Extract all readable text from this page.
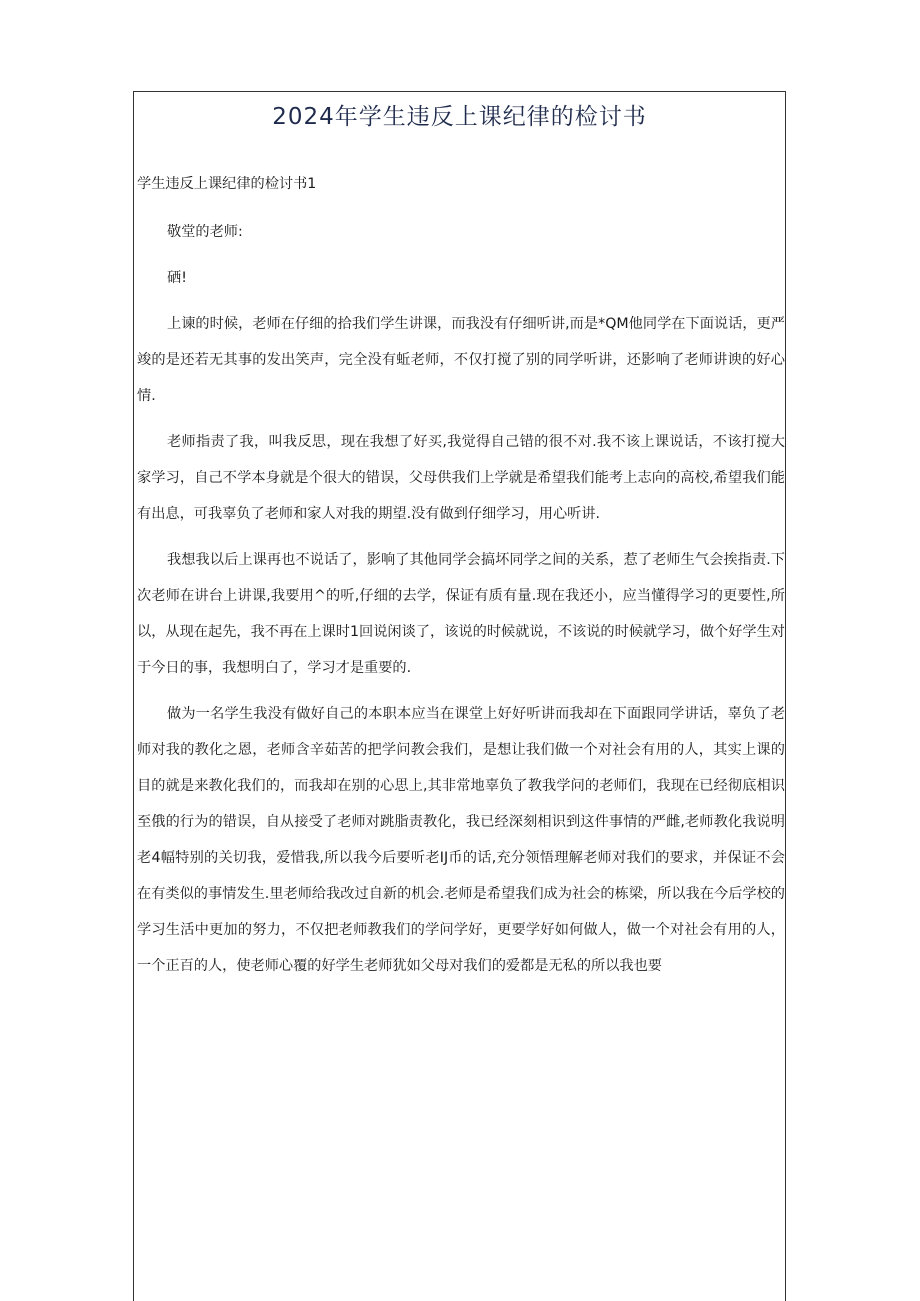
2024年学生违反上课纪律的检讨书

学生违反上课纪律的检讨书1

敬堂的老师:

硒!

上谏的时候，老师在仔细的拾我们学生讲课，而我没有仔细听讲,而是*QM他同学在下面说话，更严竣的是还若无其事的发出笑声，完全没有蚯老师，不仅打搅了别的同学听讲，还影响了老师讲谀的好心情.

老师指责了我，叫我反思，现在我想了好买,我觉得自己错的很不对.我不该上课说话，不该打搅大家学习，自己不学本身就是个很大的错误，父母供我们上学就是希望我们能考上志向的高校,希望我们能有出息，可我辜负了老师和家人对我的期望.没有做到仔细学习，用心听讲.

我想我以后上课再也不说话了，影响了其他同学会搞坏同学之间的关系，惹了老师生气会挨指责.下次老师在讲台上讲课,我要用^的听,仔细的去学，保证有质有量.现在我还小，应当懂得学习的更要性,所以，从现在起先，我不再在上课时1回说闲谈了，该说的时候就说，不该说的时候就学习，做个好学生对于今日的事，我想明白了，学习才是重要的.

做为一名学生我没有做好自己的本职本应当在课堂上好好听讲而我却在下面跟同学讲话，辜负了老师对我的教化之恩，老师含辛茹苦的把学问教会我们，是想让我们做一个对社会有用的人，其实上课的目的就是来教化我们的，而我却在别的心思上,其非常地辜负了教我学问的老师们，我现在已经彻底相识至俄的行为的错误，自从接受了老师对跳脂责教化，我已经深刻相识到这件事情的严雌,老师教化我说明老4幅特别的关切我，爱惜我,所以我今后要听老IJ币的话,充分领悟理解老师对我们的要求，并保证不会在有类似的事情发生.里老师给我改过自新的机会.老师是希望我们成为社会的栋梁，所以我在今后学校的学习生活中更加的努力，不仅把老师教我们的学问学好，更要学好如何做人，做一个对社会有用的人，一个正百的人，使老师心覆的好学生老师犹如父母对我们的爱都是无私的所以我也要
